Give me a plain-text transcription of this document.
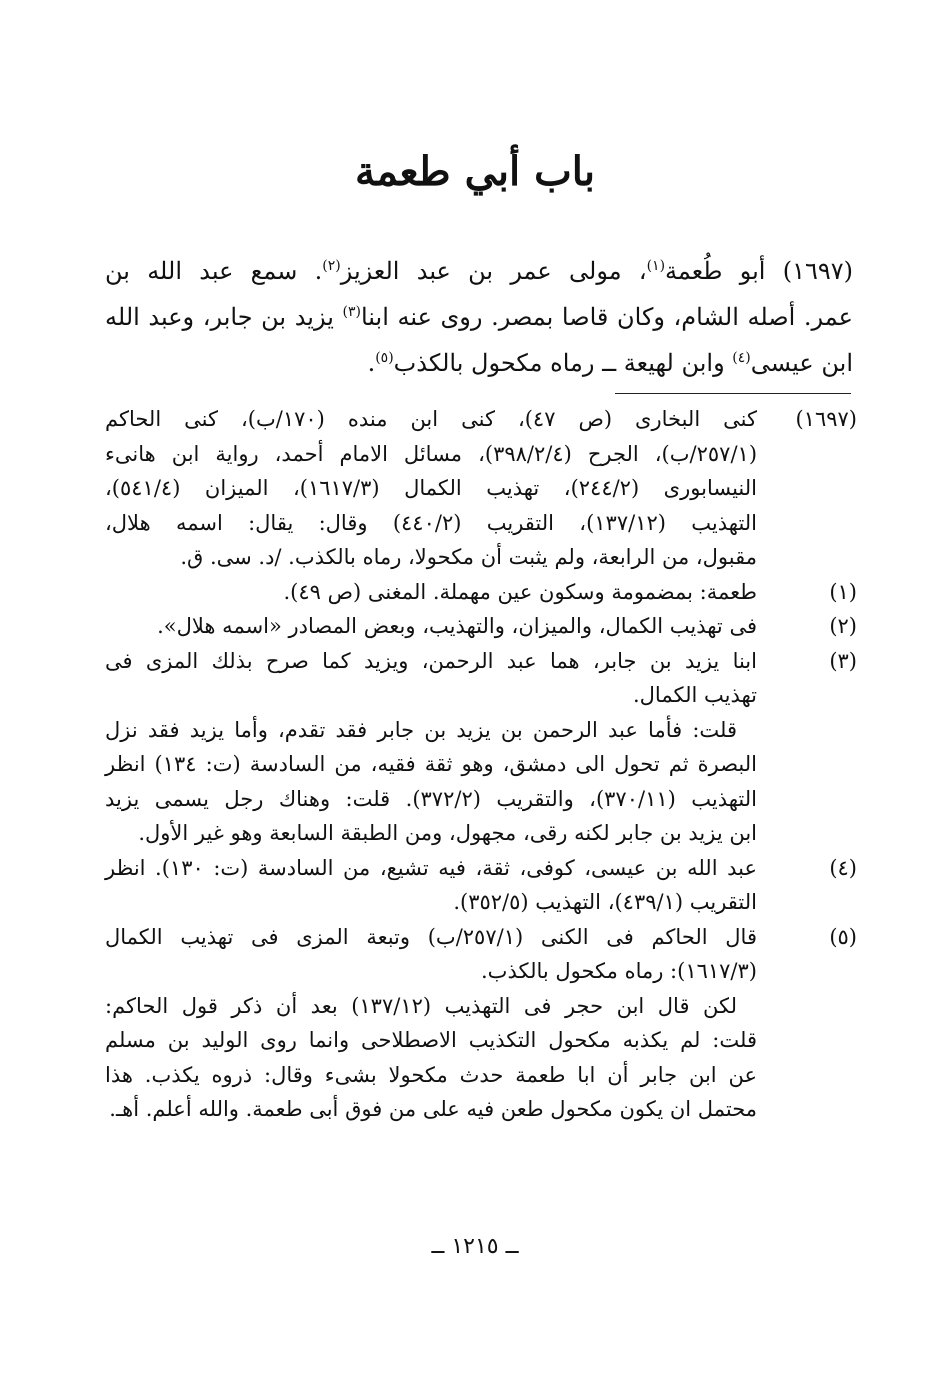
باب أبي طعمة
(١٦٩٧) أبو طُعمة$^{(١)}$، مولى عمر بن عبد العزيز$^{(٢)}$. سمع عبد الله بن
عمر. أصله الشام، وكان قاصا بمصر. روى عنه ابنا$^{(٣)}$ يزيد بن جابر، وعبد الله
ابن عيسى$^{(٤)}$ وابن لهيعة ــ رماه مكحول بالكذب$^{(٥)}$.
(١٦٩٧)
كنى البخارى (ص ٤٧)، كنى ابن منده (١٧٠/ب)، كنى الحاكم
(٢٥٧/١/ب)، الجرح (٣٩٨/٢/٤)، مسائل الامام أحمد، رواية ابن هانىء
النيسابورى (٢٤٤/٢)، تهذيب الكمال (١٦١٧/٣)، الميزان (٥٤١/٤)،
التهذيب (١٣٧/١٢)، التقريب (٤٤٠/٢) وقال: يقال: اسمه هلال،
مقبول، من الرابعة، ولم يثبت أن مكحولا، رماه بالكذب. /د. سى. ق.
(١)
طعمة: بمضمومة وسكون عين مهملة. المغنى (ص ٤٩).
(٢)
فى تهذيب الكمال، والميزان، والتهذيب، وبعض المصادر «اسمه هلال».
(٣)
ابنا يزيد بن جابر، هما عبد الرحمن، ويزيد كما صرح بذلك المزى فى
تهذيب الكمال.
قلت: فأما عبد الرحمن بن يزيد بن جابر فقد تقدم، وأما يزيد فقد نزل
البصرة ثم تحول الى دمشق، وهو ثقة فقيه، من السادسة (ت: ١٣٤) انظر
التهذيب (٣٧٠/١١)، والتقريب (٣٧٢/٢). قلت: وهناك رجل يسمى يزيد
ابن يزيد بن جابر لكنه رقى، مجهول، ومن الطبقة السابعة وهو غير الأول.
(٤)
عبد الله بن عيسى، كوفى، ثقة، فيه تشيع، من السادسة (ت: ١٣٠). انظر
التقريب (٤٣٩/١)، التهذيب (٣٥٢/٥).
(٥)
قال الحاكم فى الكنى (٢٥٧/١/ب) وتبعة المزى فى تهذيب الكمال
(١٦١٧/٣): رماه مكحول بالكذب.
لكن قال ابن حجر فى التهذيب (١٣٧/١٢) بعد أن ذكر قول الحاكم:
قلت: لم يكذبه مكحول التكذيب الاصطلاحى وانما روى الوليد بن مسلم
عن ابن جابر أن ابا طعمة حدث مكحولا بشىء وقال: ذروه يكذب. هذا
محتمل ان يكون مكحول طعن فيه على من فوق أبى طعمة. والله أعلم. أهـ.
ــ ١٢١٥ ــ
